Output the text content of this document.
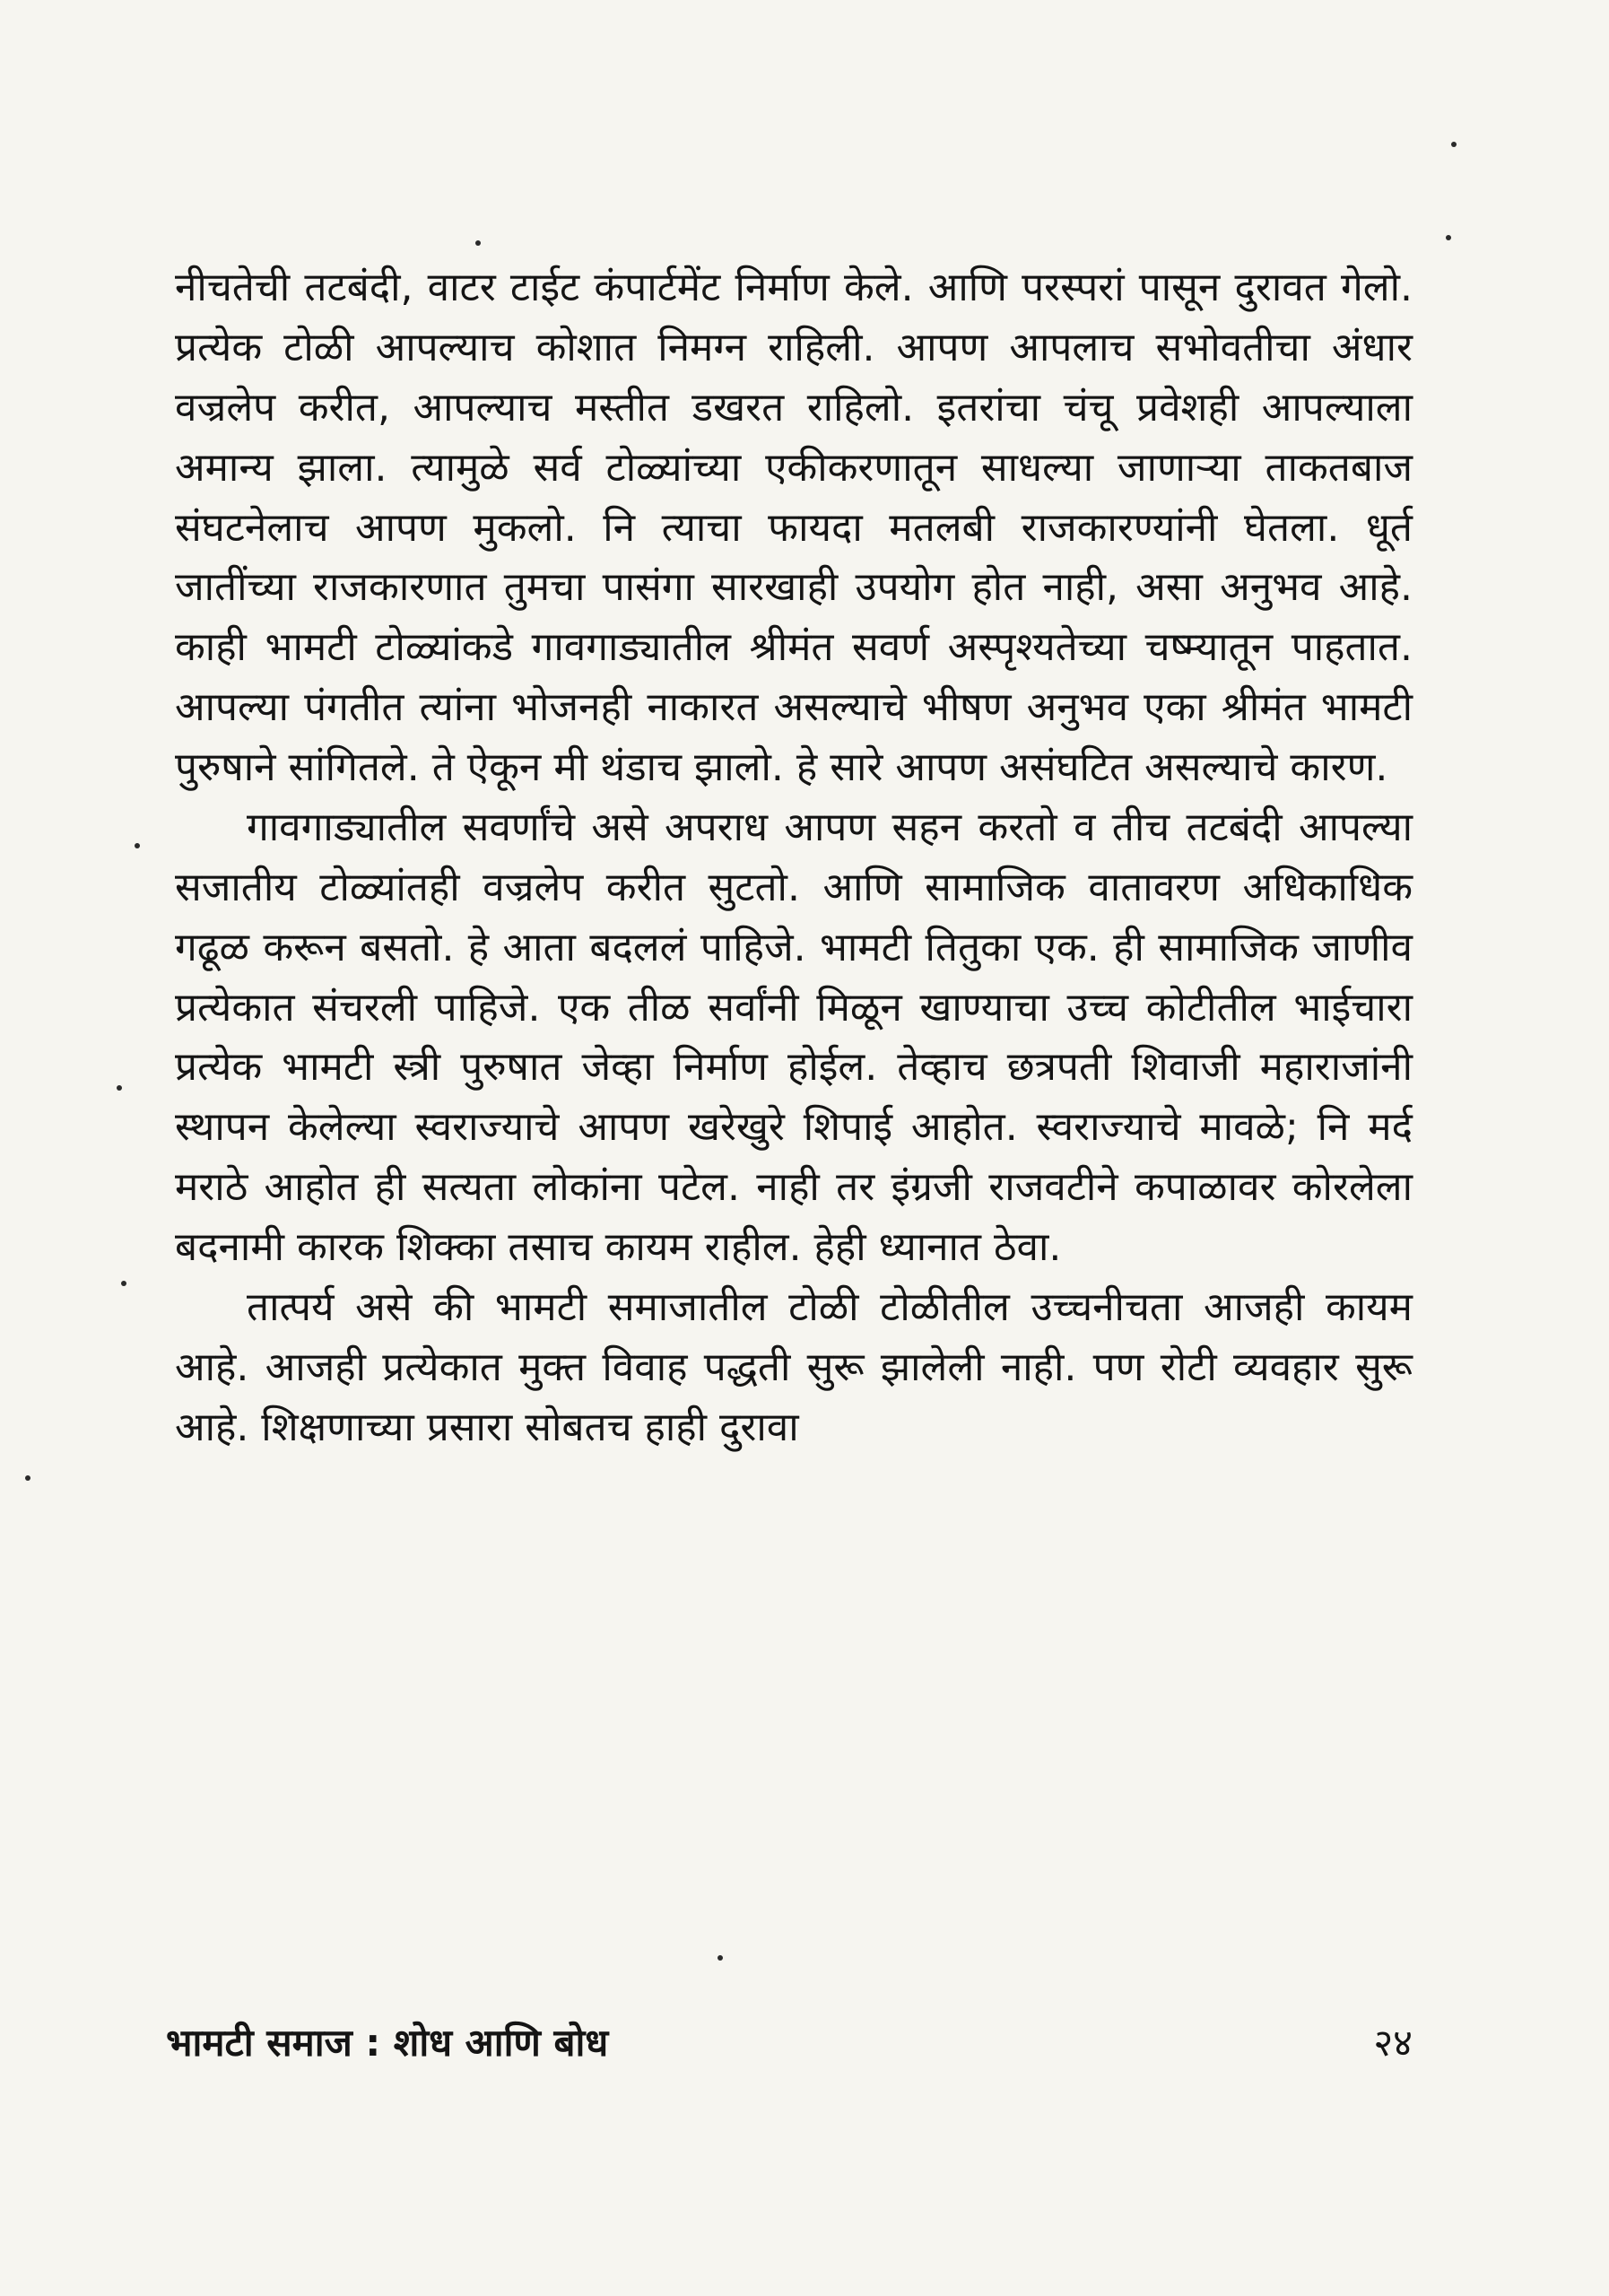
नीचतेची तटबंदी, वाटर टाईट कंपार्टमेंट निर्माण केले. आणि परस्परां पासून दुरावत गेलो. प्रत्येक टोळी आपल्याच कोशात निमग्न राहिली. आपण आपलाच सभोवतीचा अंधार वज्रलेप करीत, आपल्याच मस्तीत डखरत राहिलो. इतरांचा चंचू प्रवेशही आपल्याला अमान्य झाला. त्यामुळे सर्व टोळ्यांच्या एकीकरणातून साधल्या जाणाऱ्या ताकतबाज संघटनेलाच आपण मुकलो. नि त्याचा फायदा मतलबी राजकारण्यांनी घेतला. धूर्त जातींच्या राजकारणात तुमचा पासंगा सारखाही उपयोग होत नाही, असा अनुभव आहे. काही भामटी टोळ्यांकडे गावगाड्यातील श्रीमंत सवर्ण अस्पृश्यतेच्या चष्म्यातून पाहतात. आपल्या पंगतीत त्यांना भोजनही नाकारत असल्याचे भीषण अनुभव एका श्रीमंत भामटी पुरुषाने सांगितले. ते ऐकून मी थंडाच झालो. हे सारे आपण असंघटित असल्याचे कारण.

गावगाड्यातील सवर्णांचे असे अपराध आपण सहन करतो व तीच तटबंदी आपल्या सजातीय टोळ्यांतही वज्रलेप करीत सुटतो. आणि सामाजिक वातावरण अधिकाधिक गढूळ करून बसतो. हे आता बदललं पाहिजे. भामटी तितुका एक. ही सामाजिक जाणीव प्रत्येकात संचरली पाहिजे. एक तीळ सर्वांनी मिळून खाण्याचा उच्च कोटीतील भाईचारा प्रत्येक भामटी स्त्री पुरुषात जेव्हा निर्माण होईल. तेव्हाच छत्रपती शिवाजी महाराजांनी स्थापन केलेल्या स्वराज्याचे आपण खरेखुरे शिपाई आहोत. स्वराज्याचे मावळे; नि मर्द मराठे आहोत ही सत्यता लोकांना पटेल. नाही तर इंग्रजी राजवटीने कपाळावर कोरलेला बदनामी कारक शिक्का तसाच कायम राहील. हेही ध्यानात ठेवा.

तात्पर्य असे की भामटी समाजातील टोळी टोळीतील उच्चनीचता आजही कायम आहे. आजही प्रत्येकात मुक्त विवाह पद्धती सुरू झालेली नाही. पण रोटी व्यवहार सुरू आहे. शिक्षणाच्या प्रसारा सोबतच हाही दुरावा

भामटी समाज : शोध आणि बोध	२४
